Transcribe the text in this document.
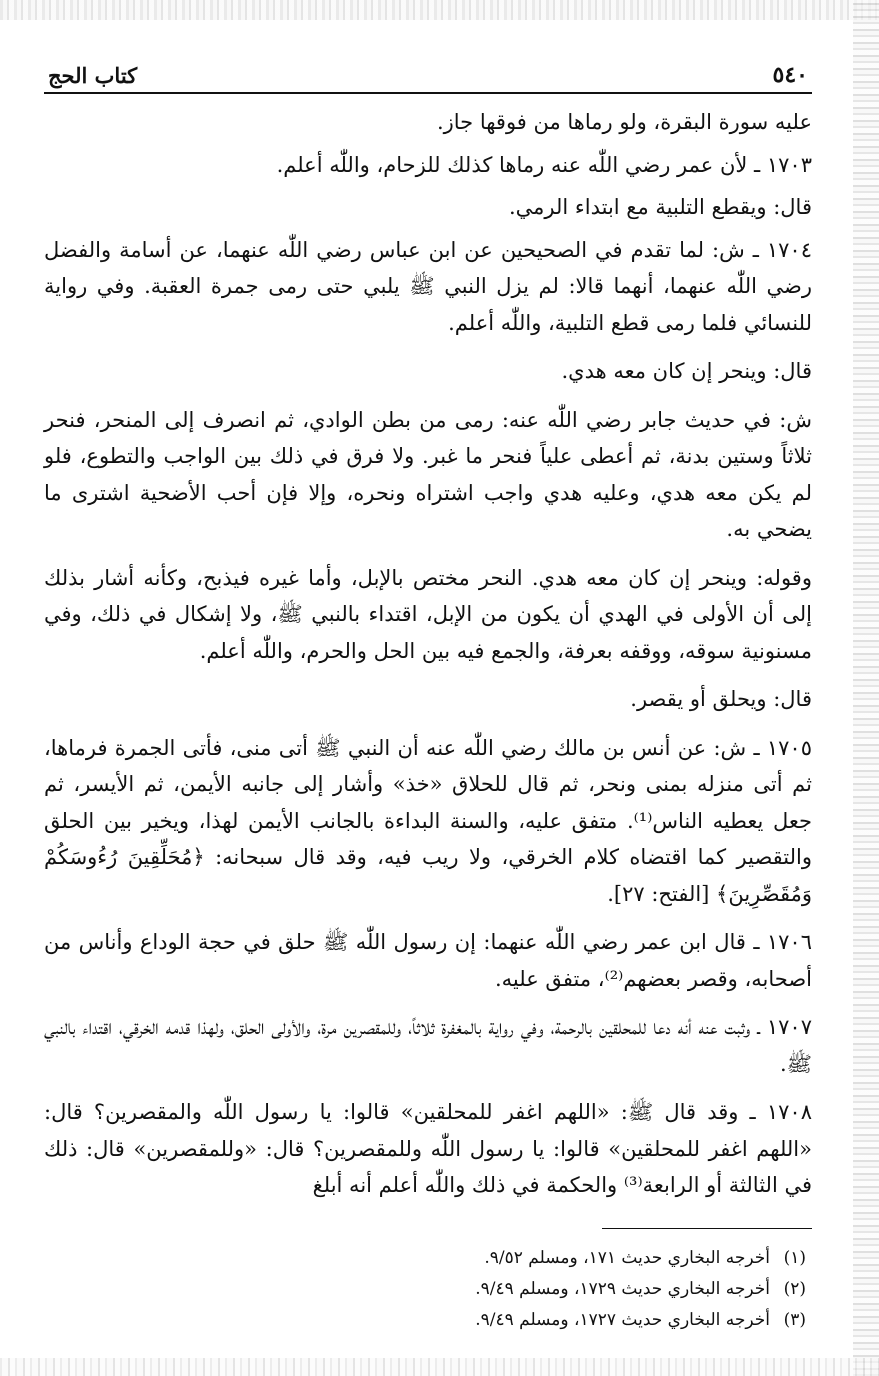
٥٤٠
كتاب الحج

عليه سورة البقرة، ولو رماها من فوقها جاز.

١٧٠٣ ـ لأن عمر رضي اللّٰه عنه رماها كذلك للزحام، واللّٰه أعلم.

قال: ويقطع التلبية مع ابتداء الرمي.

١٧٠٤ ـ ش: لما تقدم في الصحيحين عن ابن عباس رضي اللّٰه عنهما، عن أسامة والفضل رضي اللّٰه عنهما، أنهما قالا: لم يزل النبي ﷺ يلبي حتى رمى جمرة العقبة. وفي رواية للنسائي فلما رمى قطع التلبية، واللّٰه أعلم.

قال: وينحر إن كان معه هدي.

ش: في حديث جابر رضي اللّٰه عنه: رمى من بطن الوادي، ثم انصرف إلى المنحر، فنحر ثلاثاً وستين بدنة، ثم أعطى علياً فنحر ما غبر. ولا فرق في ذلك بين الواجب والتطوع، فلو لم يكن معه هدي، وعليه هدي واجب اشتراه ونحره، وإلا فإن أحب الأضحية اشترى ما يضحي به.

وقوله: وينحر إن كان معه هدي. النحر مختص بالإبل، وأما غيره فيذبح، وكأنه أشار بذلك إلى أن الأولى في الهدي أن يكون من الإبل، اقتداء بالنبي ﷺ، ولا إشكال في ذلك، وفي مسنونية سوقه، ووقفه بعرفة، والجمع فيه بين الحل والحرم، واللّٰه أعلم.

قال: ويحلق أو يقصر.

١٧٠٥ ـ ش: عن أنس بن مالك رضي اللّٰه عنه أن النبي ﷺ أتى منى، فأتى الجمرة فرماها، ثم أتى منزله بمنى ونحر، ثم قال للحلاق «خذ» وأشار إلى جانبه الأيمن، ثم الأيسر، ثم جعل يعطيه الناس⁽¹⁾. متفق عليه، والسنة البداءة بالجانب الأيمن لهذا، ويخير بين الحلق والتقصير كما اقتضاه كلام الخرقي، ولا ريب فيه، وقد قال سبحانه: ﴿مُحَلِّقِينَ رُءُوسَكُمْ وَمُقَصِّرِينَ﴾ [الفتح: ٢٧].

١٧٠٦ ـ قال ابن عمر رضي اللّٰه عنهما: إن رسول اللّٰه ﷺ حلق في حجة الوداع وأناس من أصحابه، وقصر بعضهم⁽²⁾، متفق عليه.

١٧٠٧ ـ وثبت عنه أنه دعا للمحلقين بالرحمة، وفي رواية بالمغفرة ثلاثاً، وللمقصرين مرة، والأولى الحلق، ولهذا قدمه الخرقي، اقتداء بالنبي ﷺ.

١٧٠٨ ـ وقد قال ﷺ: «اللهم اغفر للمحلقين» قالوا: يا رسول اللّٰه والمقصرين؟ قال: «اللهم اغفر للمحلقين» قالوا: يا رسول اللّٰه وللمقصرين؟ قال: «وللمقصرين» قال: ذلك في الثالثة أو الرابعة⁽³⁾ والحكمة في ذلك واللّٰه أعلم أنه أبلغ

(١)
أخرجه البخاري حديث ١٧١، ومسلم ٩/٥٢.
(٢)
أخرجه البخاري حديث ١٧٢٩، ومسلم ٩/٤٩.
(٣)
أخرجه البخاري حديث ١٧٢٧، ومسلم ٩/٤٩.
